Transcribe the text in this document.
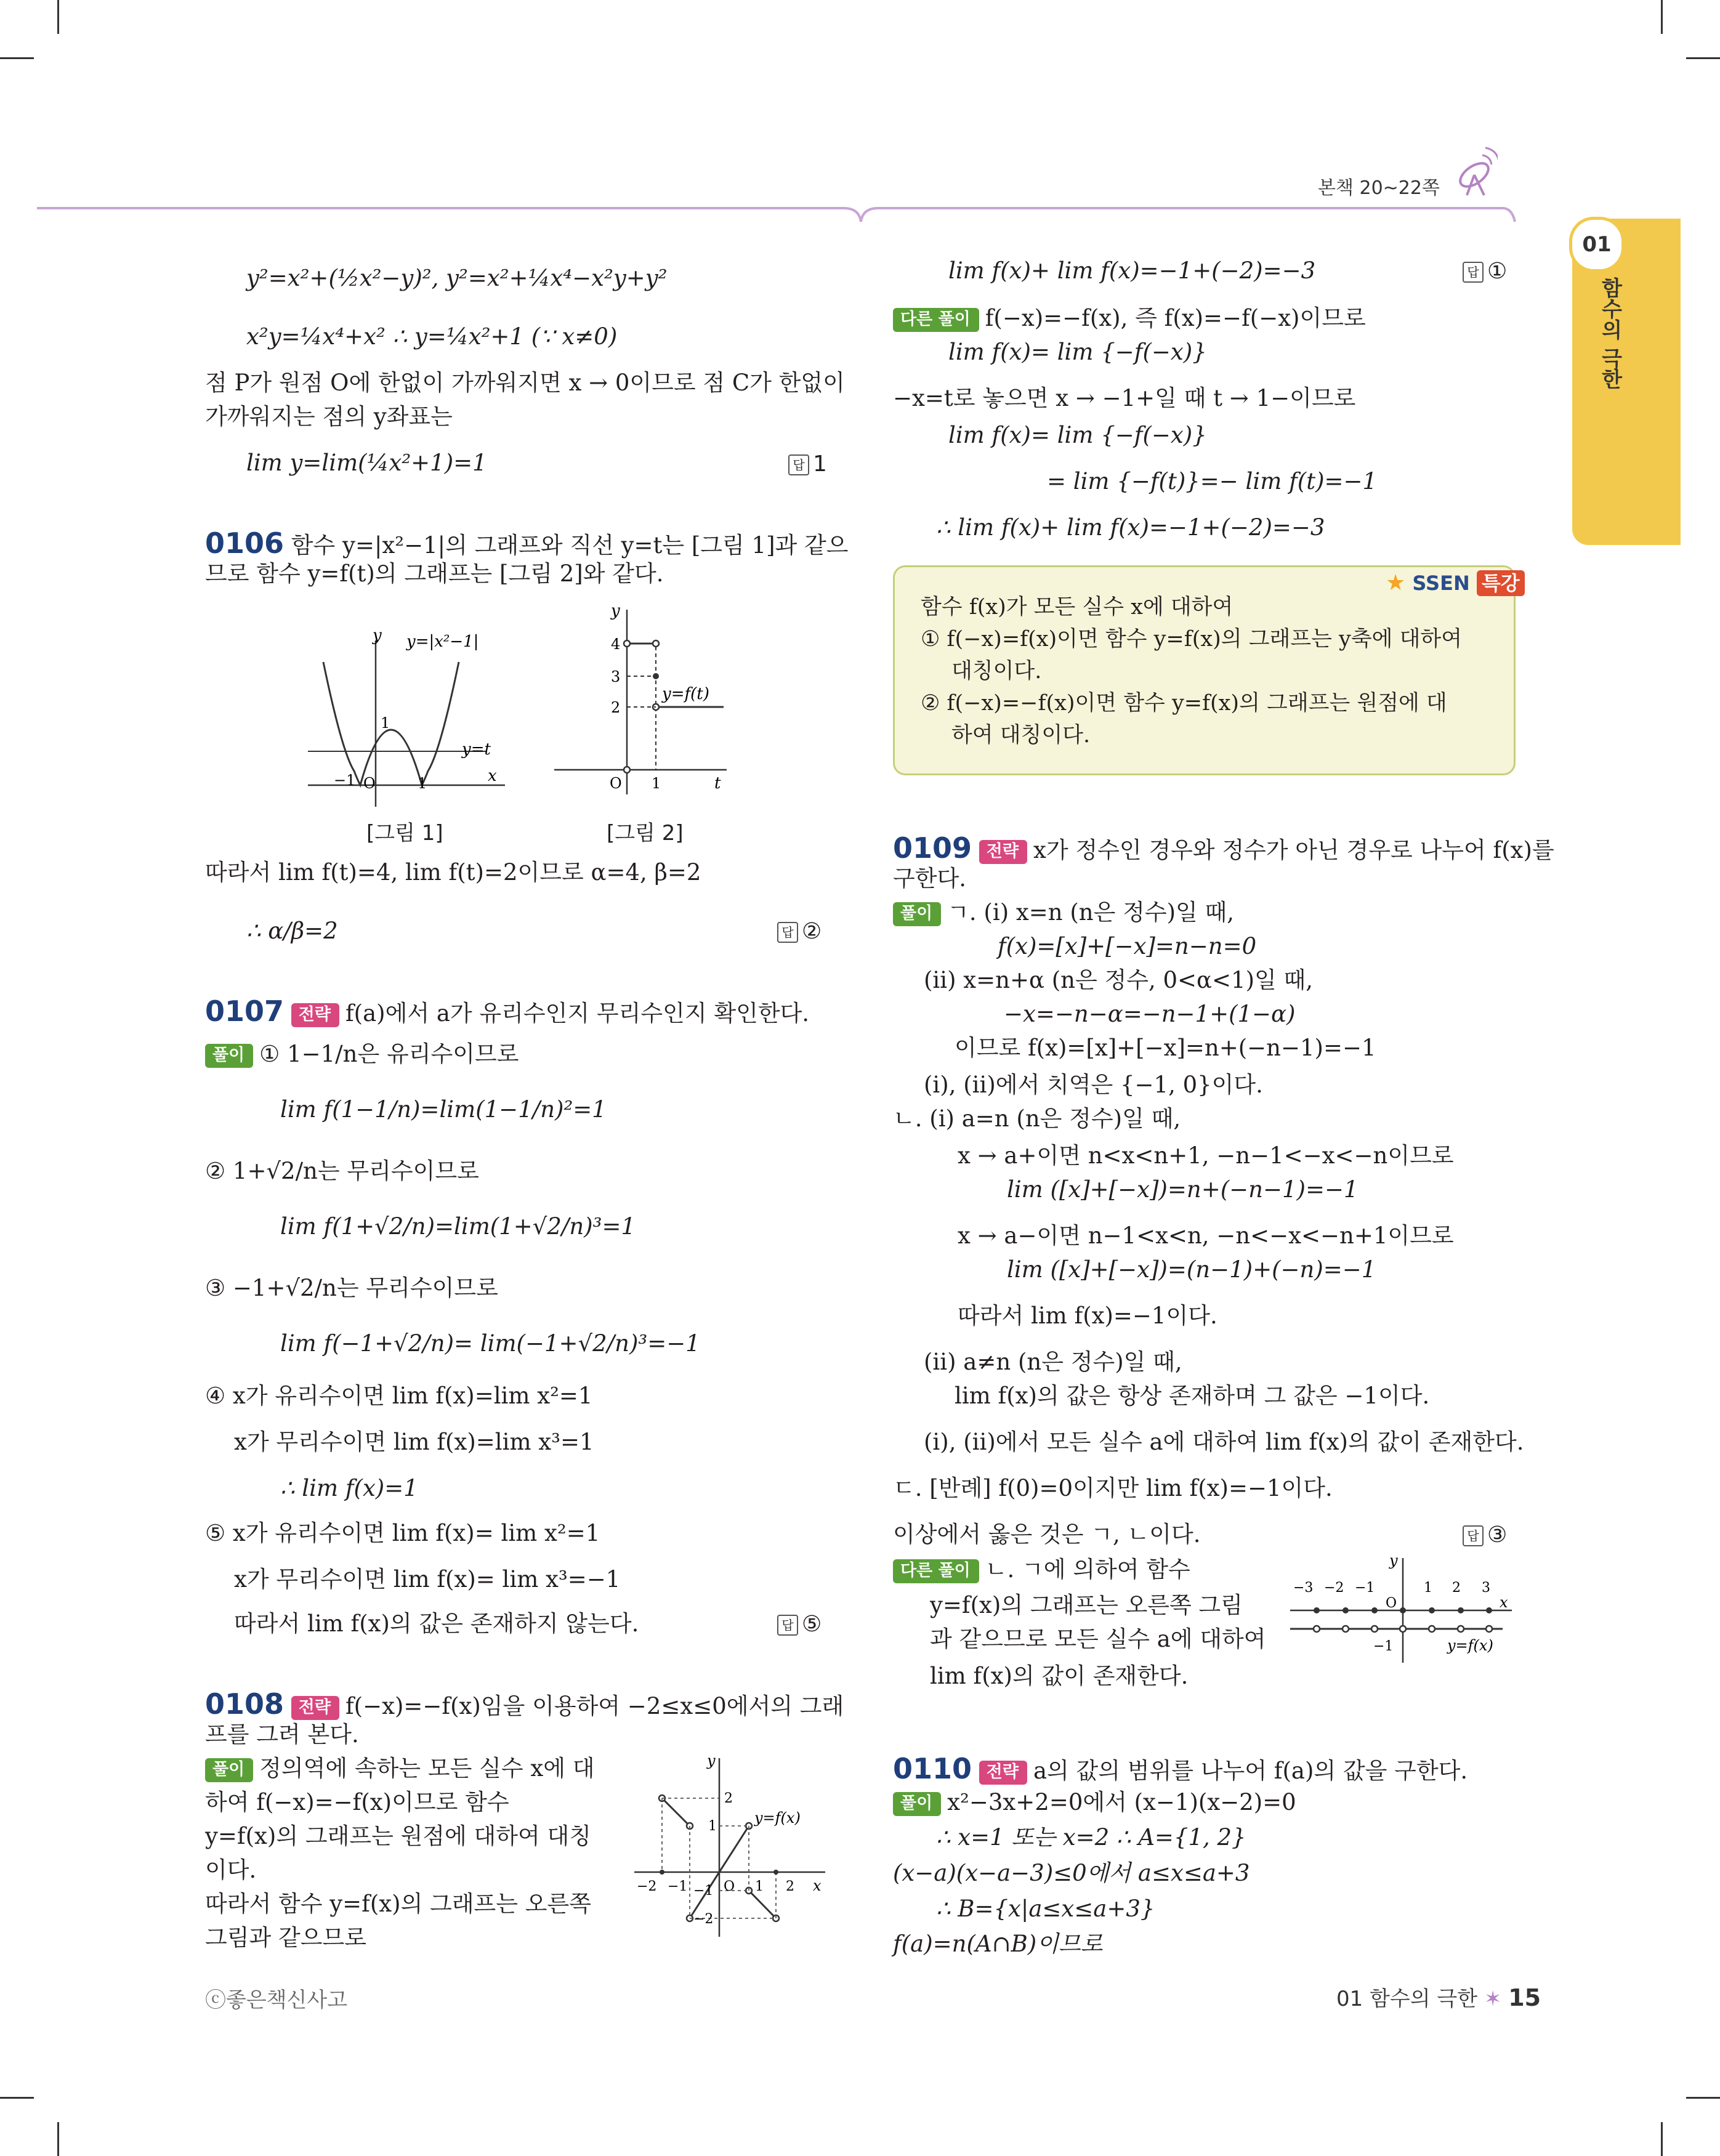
본책 20~22쪽
01
함수의 극한
y²=x²+(½x²−y)², y²=x²+¼x⁴−x²y+y²
x²y=¼x⁴+x² ∴ y=¼x²+1 (∵ x≠0)
점 P가 원점 O에 한없이 가까워지면 x → 0이므로 점 C가 한없이
가까워지는 점의 y좌표는
lim y=lim(¼x²+1)=1	답 1
0106 함수 y=|x²−1|의 그래프와 직선 y=t는 [그림 1]과 같으
므로 함수 y=f(t)의 그래프는 [그림 2]와 같다.
y y=|x²−1|
y=t
x
1
−1 O	1
[그림 1]
y
4
3
2
y=f(t)
O 1	t
[그림 2]
따라서 lim f(t)=4, lim f(t)=2이므로 α=4, β=2
∴ α/β=2	답 ②
0107 전략 f(a)에서 a가 유리수인지 무리수인지 확인한다.
풀이 ① 1−1/n은 유리수이므로
lim f(1−1/n)=lim(1−1/n)²=1
② 1+√2/n는 무리수이므로
lim f(1+√2/n)=lim(1+√2/n)³=1
③ −1+√2/n는 무리수이므로
lim f(−1+√2/n)= lim(−1+√2/n)³=−1
④ x가 유리수이면 lim f(x)=lim x²=1
x가 무리수이면 lim f(x)=lim x³=1
∴ lim f(x)=1
⑤ x가 유리수이면 lim f(x)= lim x²=1
x가 무리수이면 lim f(x)= lim x³=−1
따라서 lim f(x)의 값은 존재하지 않는다.	답 ⑤
0108 전략 f(−x)=−f(x)임을 이용하여 −2≤x≤0에서의 그래
프를 그려 본다.
풀이 정의역에 속하는 모든 실수 x에 대
하여 f(−x)=−f(x)이므로 함수
y=f(x)의 그래프는 원점에 대하여 대칭
이다.
따라서 함수 y=f(x)의 그래프는 오른쪽
그림과 같으므로
y
2
1	y=f(x)
−2 −1	O 1 2 x
−1
−2
ⓒ좋은책신사고
lim f(x)+ lim f(x)=−1+(−2)=−3	답 ①
다른 풀이 f(−x)=−f(x), 즉 f(x)=−f(−x)이므로
lim f(x)= lim {−f(−x)}
−x=t로 놓으면 x → −1+일 때 t → 1−이므로
lim f(x)= lim {−f(−x)}
= lim {−f(t)}=− lim f(t)=−1
∴ lim f(x)+ lim f(x)=−1+(−2)=−3
★ SSEN 특강
함수 f(x)가 모든 실수 x에 대하여
① f(−x)=f(x)이면 함수 y=f(x)의 그래프는 y축에 대하여
대칭이다.
② f(−x)=−f(x)이면 함수 y=f(x)의 그래프는 원점에 대
하여 대칭이다.
0109 전략 x가 정수인 경우와 정수가 아닌 경우로 나누어 f(x)를
구한다.
풀이 ㄱ. (i) x=n (n은 정수)일 때,
f(x)=[x]+[−x]=n−n=0
(ii) x=n+α (n은 정수, 0<α<1)일 때,
−x=−n−α=−n−1+(1−α)
이므로 f(x)=[x]+[−x]=n+(−n−1)=−1
(i), (ii)에서 치역은 {−1, 0}이다.
ㄴ. (i) a=n (n은 정수)일 때,
x → a+이면 n<x<n+1, −n−1<−x<−n이므로
lim ([x]+[−x])=n+(−n−1)=−1
x → a−이면 n−1<x<n, −n<−x<−n+1이므로
lim ([x]+[−x])=(n−1)+(−n)=−1
따라서 lim f(x)=−1이다.
(ii) a≠n (n은 정수)일 때,
lim f(x)의 값은 항상 존재하며 그 값은 −1이다.
(i), (ii)에서 모든 실수 a에 대하여 lim f(x)의 값이 존재한다.
ㄷ. [반례] f(0)=0이지만 lim f(x)=−1이다.
이상에서 옳은 것은 ㄱ, ㄴ이다.	답 ③
다른 풀이 ㄴ. ㄱ에 의하여 함수
y=f(x)의 그래프는 오른쪽 그림
과 같으므로 모든 실수 a에 대하여
lim f(x)의 값이 존재한다.
y
−3 −2 −1	1 2 3
O	x
−1	y=f(x)
0110 전략 a의 값의 범위를 나누어 f(a)의 값을 구한다.
풀이 x²−3x+2=0에서 (x−1)(x−2)=0
∴ x=1 또는 x=2 ∴ A={1, 2}
(x−a)(x−a−3)≤0에서 a≤x≤a+3
∴ B={x|a≤x≤a+3}
f(a)=n(A∩B)이므로
01 함수의 극한 ✶ 15
